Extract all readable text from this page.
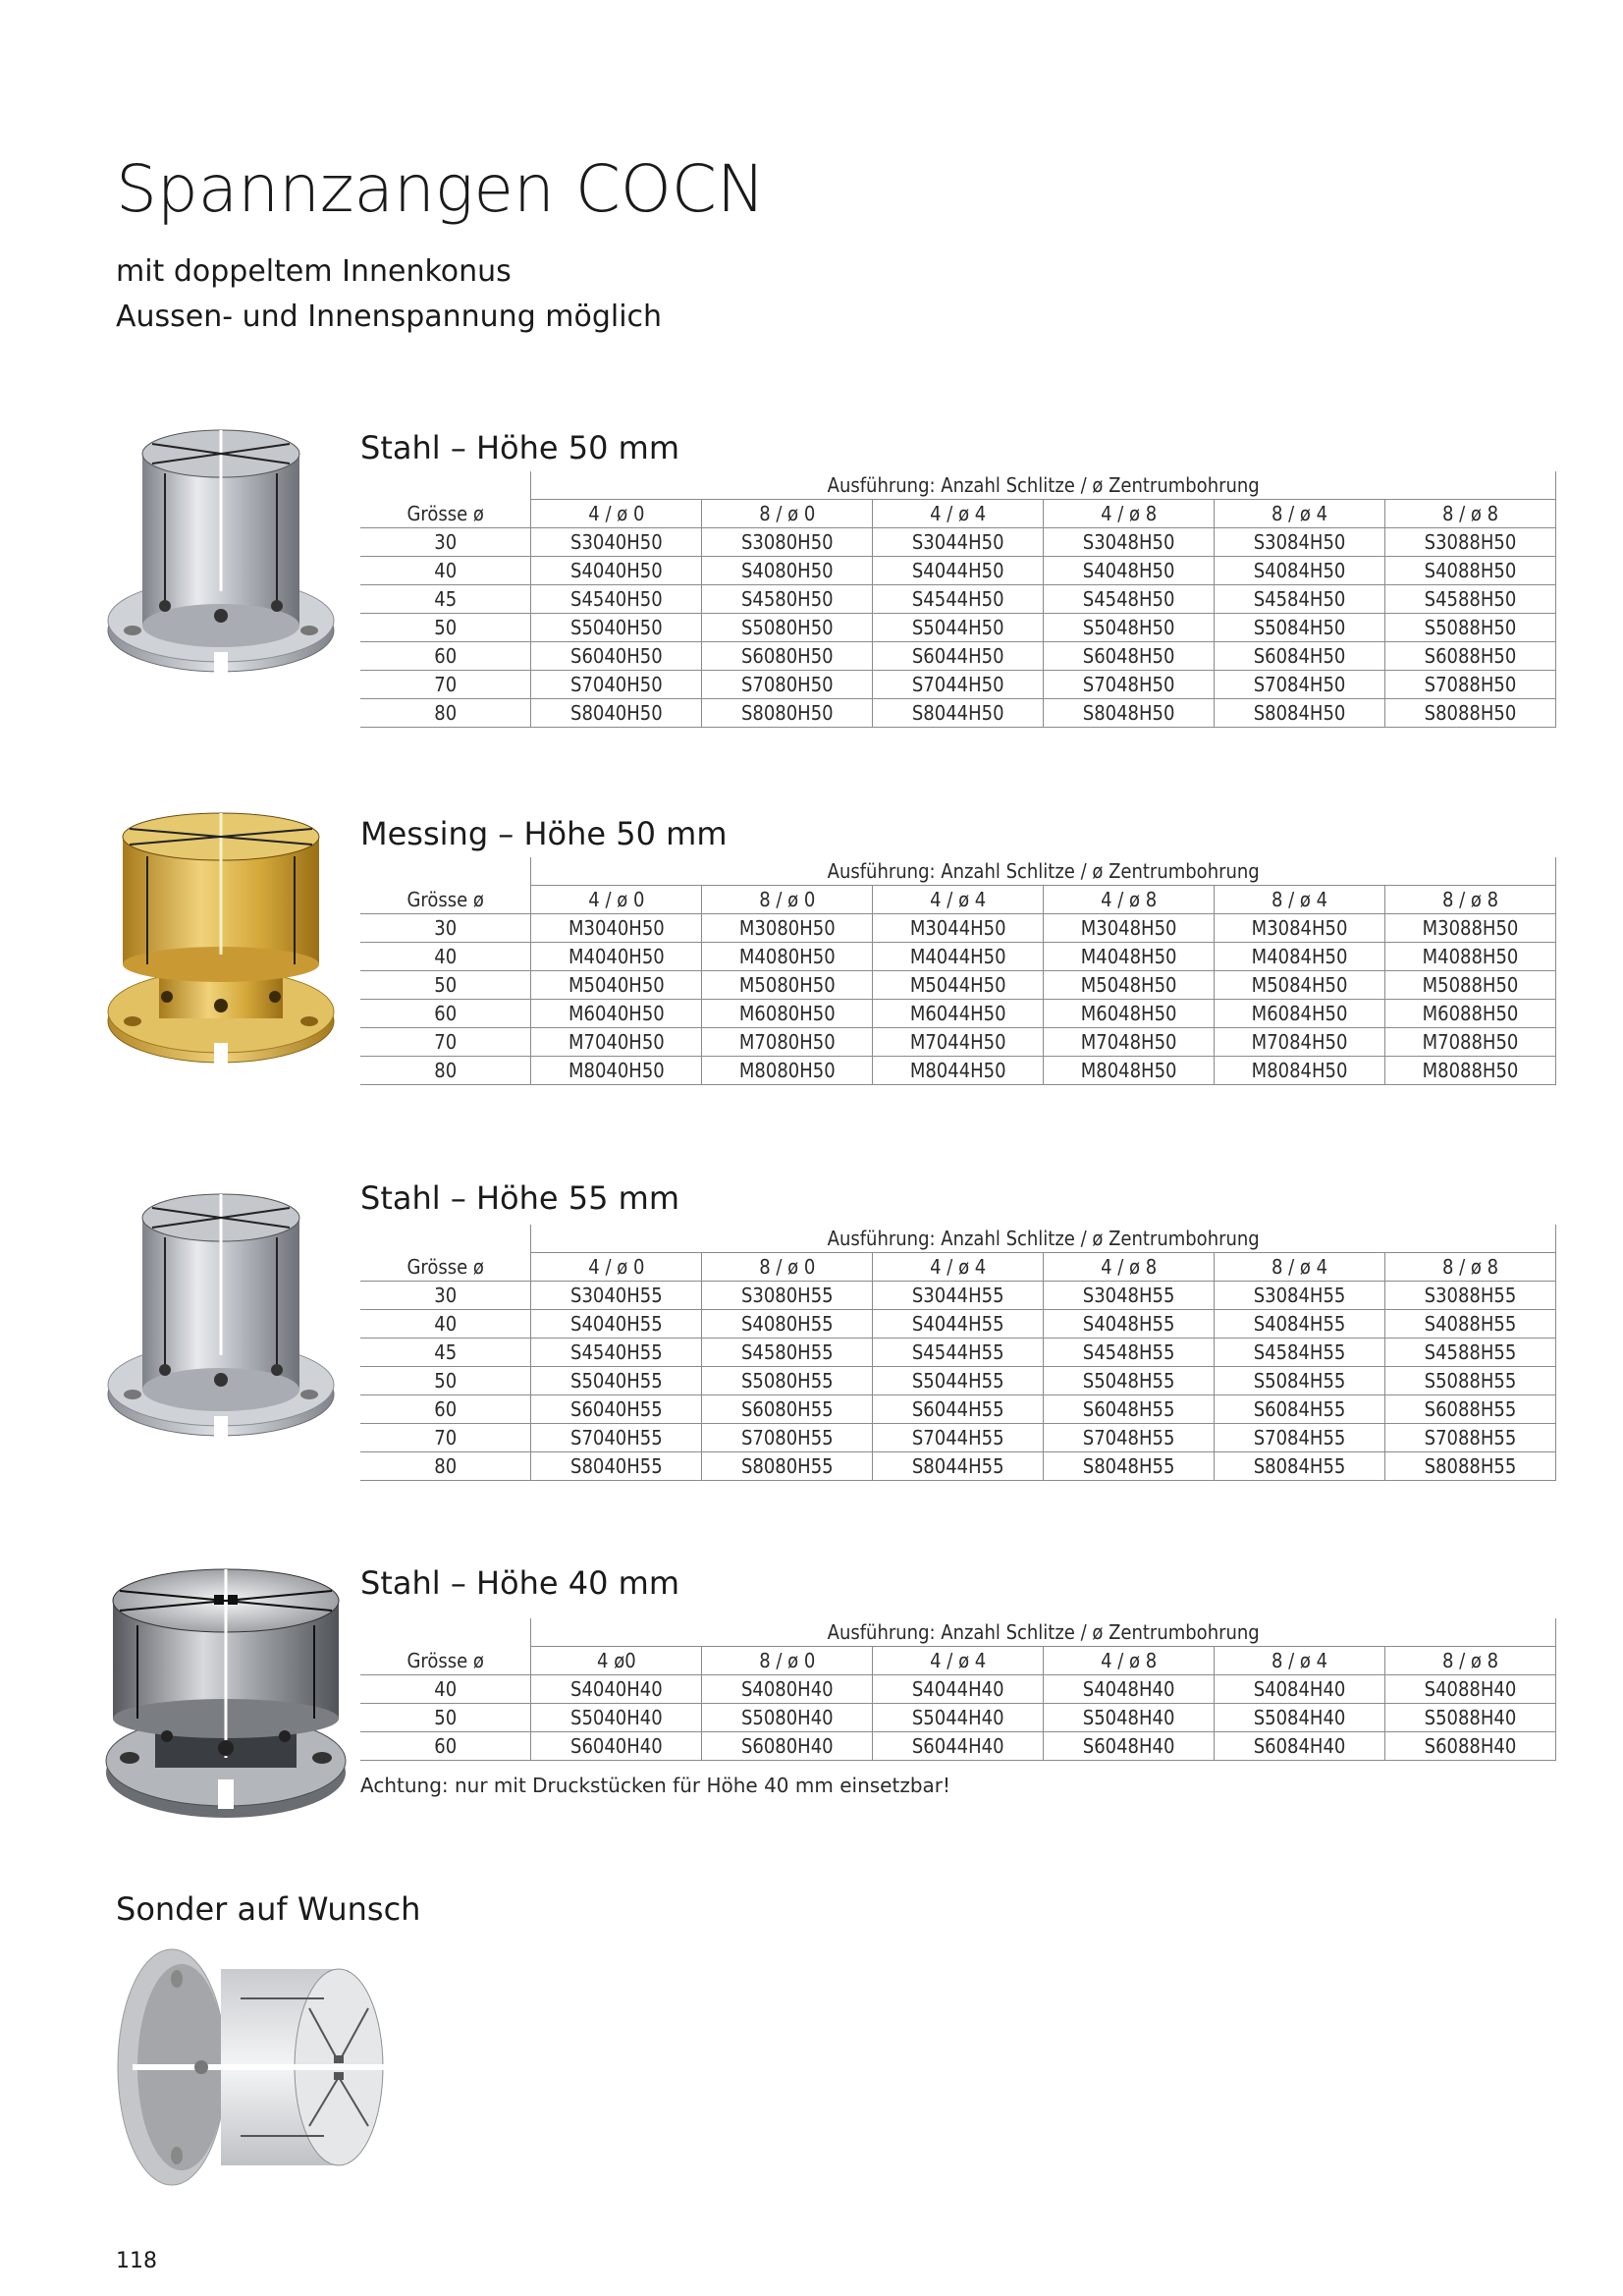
Spannzangen COCN

mit doppeltem Innenkonus

Aussen- und Innenspannung möglich

Stahl – Höhe 50 mm
	Ausführung: Anzahl Schlitze / ø Zentrumbohrung					
Grösse ø	4 / ø 0	8 / ø 0	4 / ø 4	4 / ø 8	8 / ø 4	8 / ø 8
30	S3040H50	S3080H50	S3044H50	S3048H50	S3084H50	S3088H50
40	S4040H50	S4080H50	S4044H50	S4048H50	S4084H50	S4088H50
45	S4540H50	S4580H50	S4544H50	S4548H50	S4584H50	S4588H50
50	S5040H50	S5080H50	S5044H50	S5048H50	S5084H50	S5088H50
60	S6040H50	S6080H50	S6044H50	S6048H50	S6084H50	S6088H50
70	S7040H50	S7080H50	S7044H50	S7048H50	S7084H50	S7088H50
80	S8040H50	S8080H50	S8044H50	S8048H50	S8084H50	S8088H50
Messing – Höhe 50 mm
	Ausführung: Anzahl Schlitze / ø Zentrumbohrung					
Grösse ø	4 / ø 0	8 / ø 0	4 / ø 4	4 / ø 8	8 / ø 4	8 / ø 8
30	M3040H50	M3080H50	M3044H50	M3048H50	M3084H50	M3088H50
40	M4040H50	M4080H50	M4044H50	M4048H50	M4084H50	M4088H50
50	M5040H50	M5080H50	M5044H50	M5048H50	M5084H50	M5088H50
60	M6040H50	M6080H50	M6044H50	M6048H50	M6084H50	M6088H50
70	M7040H50	M7080H50	M7044H50	M7048H50	M7084H50	M7088H50
80	M8040H50	M8080H50	M8044H50	M8048H50	M8084H50	M8088H50
Stahl – Höhe 55 mm
	Ausführung: Anzahl Schlitze / ø Zentrumbohrung					
Grösse ø	4 / ø 0	8 / ø 0	4 / ø 4	4 / ø 8	8 / ø 4	8 / ø 8
30	S3040H55	S3080H55	S3044H55	S3048H55	S3084H55	S3088H55
40	S4040H55	S4080H55	S4044H55	S4048H55	S4084H55	S4088H55
45	S4540H55	S4580H55	S4544H55	S4548H55	S4584H55	S4588H55
50	S5040H55	S5080H55	S5044H55	S5048H55	S5084H55	S5088H55
60	S6040H55	S6080H55	S6044H55	S6048H55	S6084H55	S6088H55
70	S7040H55	S7080H55	S7044H55	S7048H55	S7084H55	S7088H55
80	S8040H55	S8080H55	S8044H55	S8048H55	S8084H55	S8088H55
Stahl – Höhe 40 mm
	Ausführung: Anzahl Schlitze / ø Zentrumbohrung					
Grösse ø	4 ø0	8 / ø 0	4 / ø 4	4 / ø 8	8 / ø 4	8 / ø 8
40	S4040H40	S4080H40	S4044H40	S4048H40	S4084H40	S4088H40
50	S5040H40	S5080H40	S5044H40	S5048H40	S5084H40	S5088H40
60	S6040H40	S6080H40	S6044H40	S6048H40	S6084H40	S6088H40

Achtung: nur mit Druckstücken für Höhe 40 mm einsetzbar!

Sonder auf Wunsch

118
